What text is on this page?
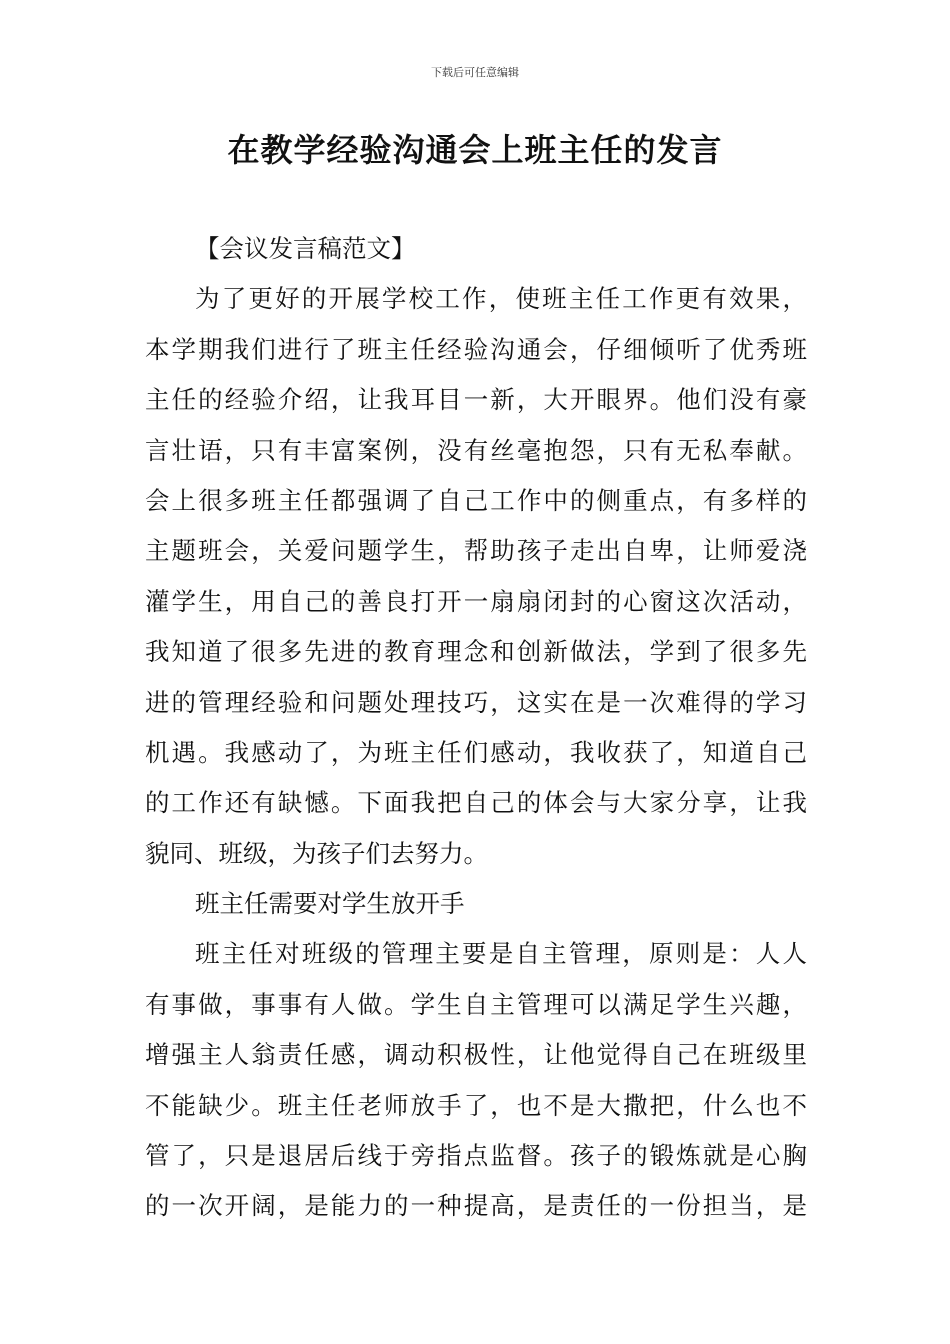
下载后可任意编辑
在教学经验沟通会上班主任的发言
【会议发言稿范文】
为了更好的开展学校工作，使班主任工作更有效果，
本学期我们进行了班主任经验沟通会，仔细倾听了优秀班
主任的经验介绍，让我耳目一新，大开眼界。他们没有豪
言壮语，只有丰富案例，没有丝毫抱怨，只有无私奉献。
会上很多班主任都强调了自己工作中的侧重点，有多样的
主题班会，关爱问题学生，帮助孩子走出自卑，让师爱浇
灌学生，用自己的善良打开一扇扇闭封的心窗这次活动，
我知道了很多先进的教育理念和创新做法，学到了很多先
进的管理经验和问题处理技巧，这实在是一次难得的学习
机遇。我感动了，为班主任们感动，我收获了，知道自己
的工作还有缺憾。下面我把自己的体会与大家分享，让我
貌同、班级，为孩子们去努力。
班主任需要对学生放开手
班主任对班级的管理主要是自主管理，原则是：人人
有事做，事事有人做。学生自主管理可以满足学生兴趣，
增强主人翁责任感，调动积极性，让他觉得自己在班级里
不能缺少。班主任老师放手了，也不是大撒把，什么也不
管了，只是退居后线于旁指点监督。孩子的锻炼就是心胸
的一次开阔，是能力的一种提高，是责任的一份担当，是
